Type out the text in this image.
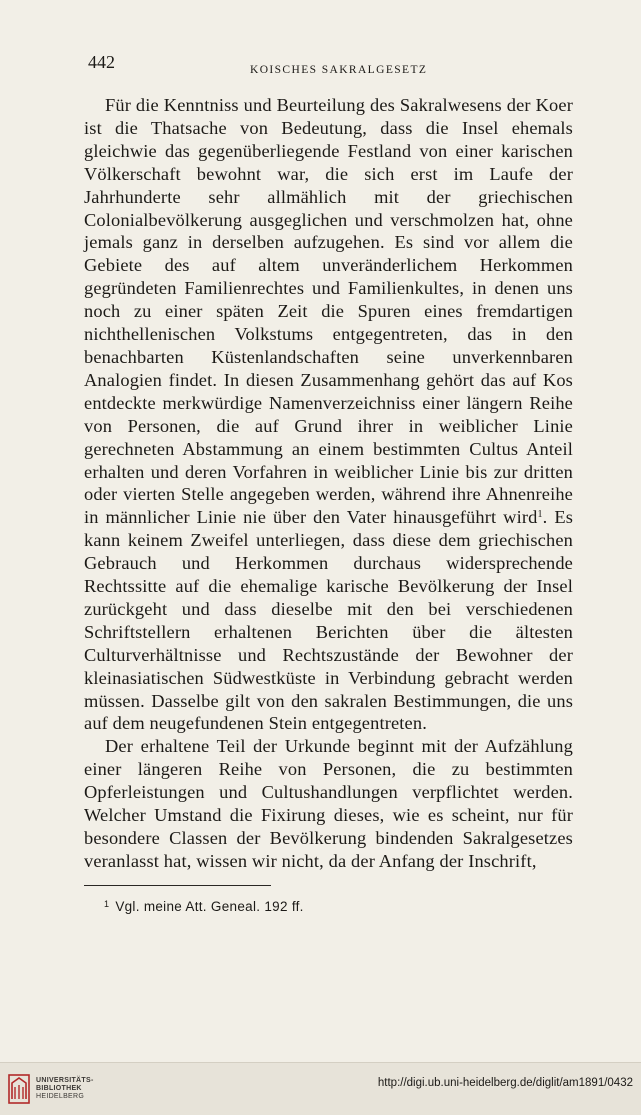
442	KOISCHES SAKRALGESETZ

Für die Kenntniss und Beurteilung des Sakralwesens der Koer ist die Thatsache von Bedeutung, dass die Insel ehemals gleichwie das gegenüberliegende Festland von einer karischen Völkerschaft bewohnt war, die sich erst im Laufe der Jahrhunderte sehr allmählich mit der griechischen Colonialbevölkerung ausgeglichen und verschmolzen hat, ohne jemals ganz in derselben aufzugehen. Es sind vor allem die Gebiete des auf altem unveränderlichem Herkommen gegründeten Familienrechtes und Familienkultes, in denen uns noch zu einer späten Zeit die Spuren eines fremdartigen nichthellenischen Volkstums entgegentreten, das in den benachbarten Küstenlandschaften seine unverkennbaren Analogien findet. In diesen Zusammenhang gehört das auf Kos entdeckte merkwürdige Namenverzeichniss einer längern Reihe von Personen, die auf Grund ihrer in weiblicher Linie gerechneten Abstammung an einem bestimmten Cultus Anteil erhalten und deren Vorfahren in weiblicher Linie bis zur dritten oder vierten Stelle angegeben werden, während ihre Ahnenreihe in männlicher Linie nie über den Vater hinausgeführt wird$^1$. Es kann keinem Zweifel unterliegen, dass diese dem griechischen Gebrauch und Herkommen durchaus widersprechende Rechtssitte auf die ehemalige karische Bevölkerung der Insel zurückgeht und dass dieselbe mit den bei verschiedenen Schriftstellern erhaltenen Berichten über die ältesten Culturverhältnisse und Rechtszustände der Bewohner der kleinasiatischen Südwestküste in Verbindung gebracht werden müssen. Dasselbe gilt von den sakralen Bestimmungen, die uns auf dem neugefundenen Stein entgegentreten.

Der erhaltene Teil der Urkunde beginnt mit der Aufzählung einer längeren Reihe von Personen, die zu bestimmten Opferleistungen und Cultushandlungen verpflichtet werden. Welcher Umstand die Fixirung dieses, wie es scheint, nur für besondere Classen der Bevölkerung bindenden Sakralgesetzes veranlasst hat, wissen wir nicht, da der Anfang der Inschrift,

$^1$ Vgl. meine Att. Geneal. 192 ff.
UNIVERSITÄTS-
BIBLIOTHEK
HEIDELBERG
http://digi.ub.uni-heidelberg.de/diglit/am1891/0432
